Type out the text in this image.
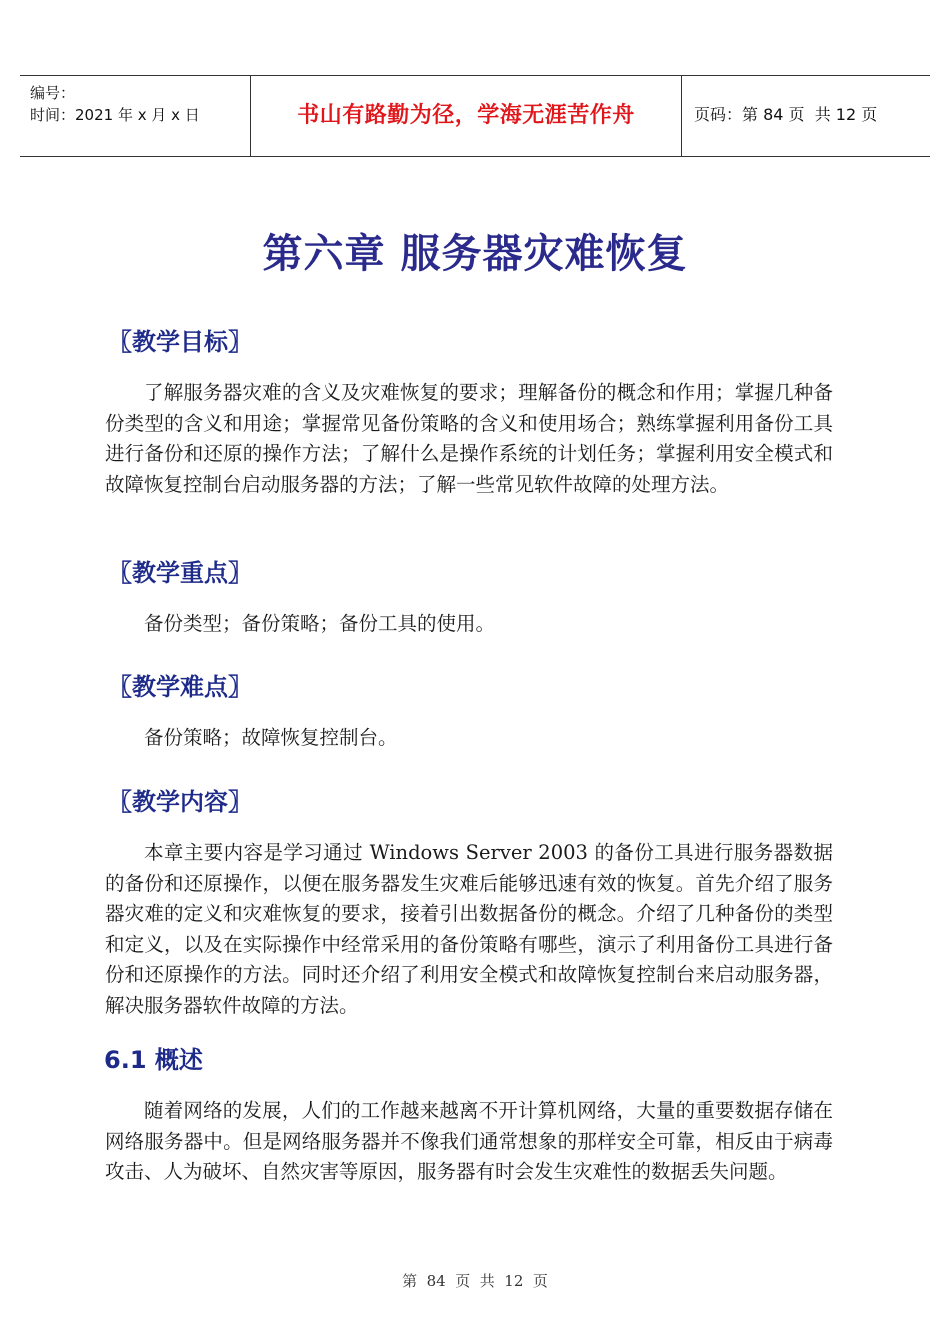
编号：
时间：2021 年 x 月 x 日	书山有路勤为径，学海无涯苦作舟	页码：第 84 页  共 12 页
第六章 服务器灾难恢复
〖教学目标〗
了解服务器灾难的含义及灾难恢复的要求；理解备份的概念和作用；掌握几种备份类型的含义和用途；掌握常见备份策略的含义和使用场合；熟练掌握利用备份工具进行备份和还原的操作方法；了解什么是操作系统的计划任务；掌握利用安全模式和故障恢复控制台启动服务器的方法；了解一些常见软件故障的处理方法。
〖教学重点〗
备份类型；备份策略；备份工具的使用。
〖教学难点〗
备份策略；故障恢复控制台。
〖教学内容〗
本章主要内容是学习通过 Windows Server 2003 的备份工具进行服务器数据的备份和还原操作，以便在服务器发生灾难后能够迅速有效的恢复。首先介绍了服务器灾难的定义和灾难恢复的要求，接着引出数据备份的概念。介绍了几种备份的类型和定义，以及在实际操作中经常采用的备份策略有哪些，演示了利用备份工具进行备份和还原操作的方法。同时还介绍了利用安全模式和故障恢复控制台来启动服务器，解决服务器软件故障的方法。
6.1 概述
随着网络的发展，人们的工作越来越离不开计算机网络，大量的重要数据存储在网络服务器中。但是网络服务器并不像我们通常想象的那样安全可靠，相反由于病毒攻击、人为破坏、自然灾害等原因，服务器有时会发生灾难性的数据丢失问题。
第  84  页  共  12  页
